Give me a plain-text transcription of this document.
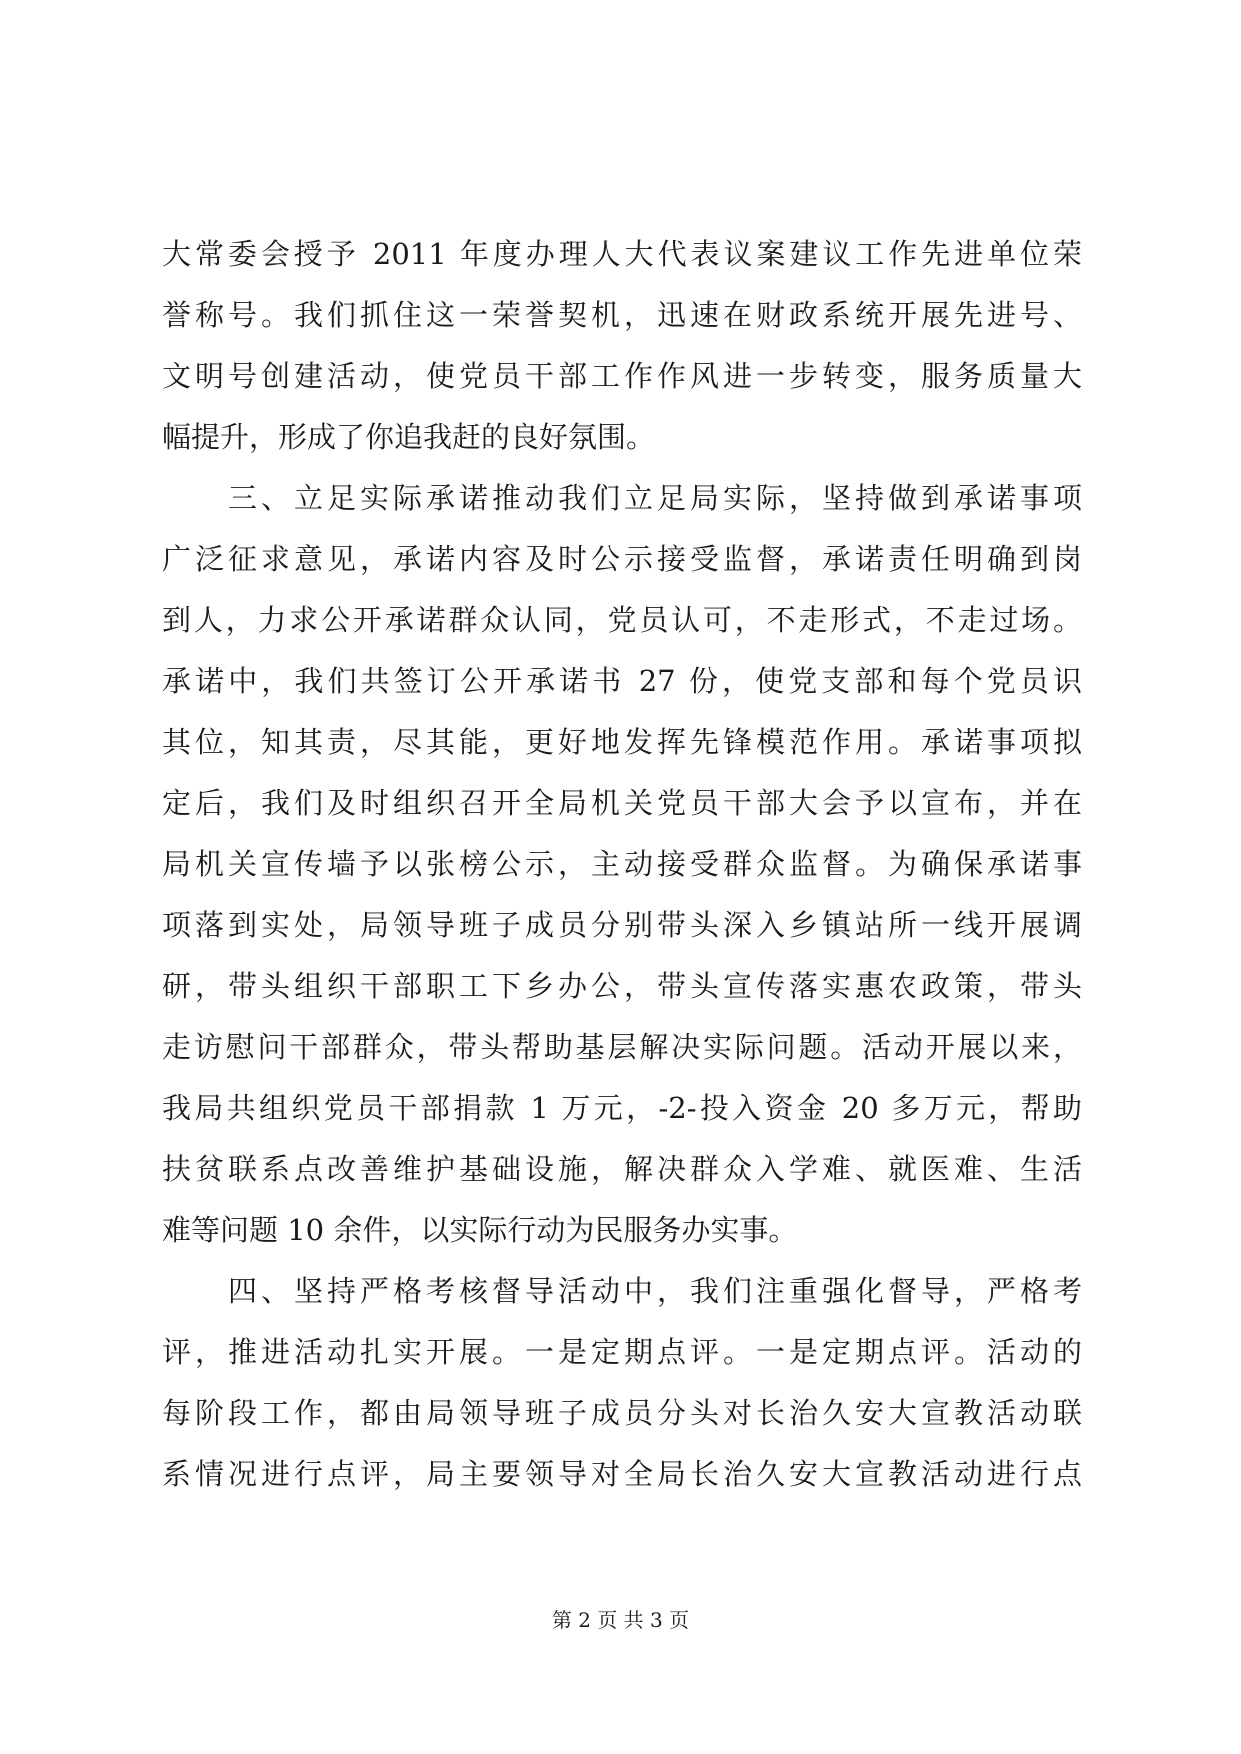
大常委会授予 2011 年度办理人大代表议案建议工作先进单位荣
誉称号。我们抓住这一荣誉契机，迅速在财政系统开展先进号、
文明号创建活动，使党员干部工作作风进一步转变，服务质量大
幅提升，形成了你追我赶的良好氛围。
　　三、立足实际承诺推动我们立足局实际，坚持做到承诺事项
广泛征求意见，承诺内容及时公示接受监督，承诺责任明确到岗
到人，力求公开承诺群众认同，党员认可，不走形式，不走过场。
承诺中，我们共签订公开承诺书 27 份，使党支部和每个党员识
其位，知其责，尽其能，更好地发挥先锋模范作用。承诺事项拟
定后，我们及时组织召开全局机关党员干部大会予以宣布，并在
局机关宣传墙予以张榜公示，主动接受群众监督。为确保承诺事
项落到实处，局领导班子成员分别带头深入乡镇站所一线开展调
研，带头组织干部职工下乡办公，带头宣传落实惠农政策，带头
走访慰问干部群众，带头帮助基层解决实际问题。活动开展以来，
我局共组织党员干部捐款 1 万元，-2-投入资金 20 多万元，帮助
扶贫联系点改善维护基础设施，解决群众入学难、就医难、生活
难等问题 10 余件，以实际行动为民服务办实事。
　　四、坚持严格考核督导活动中，我们注重强化督导，严格考
评，推进活动扎实开展。一是定期点评。一是定期点评。活动的
每阶段工作，都由局领导班子成员分头对长治久安大宣教活动联
系情况进行点评，局主要领导对全局长治久安大宣教活动进行点
第 2 页 共 3 页
